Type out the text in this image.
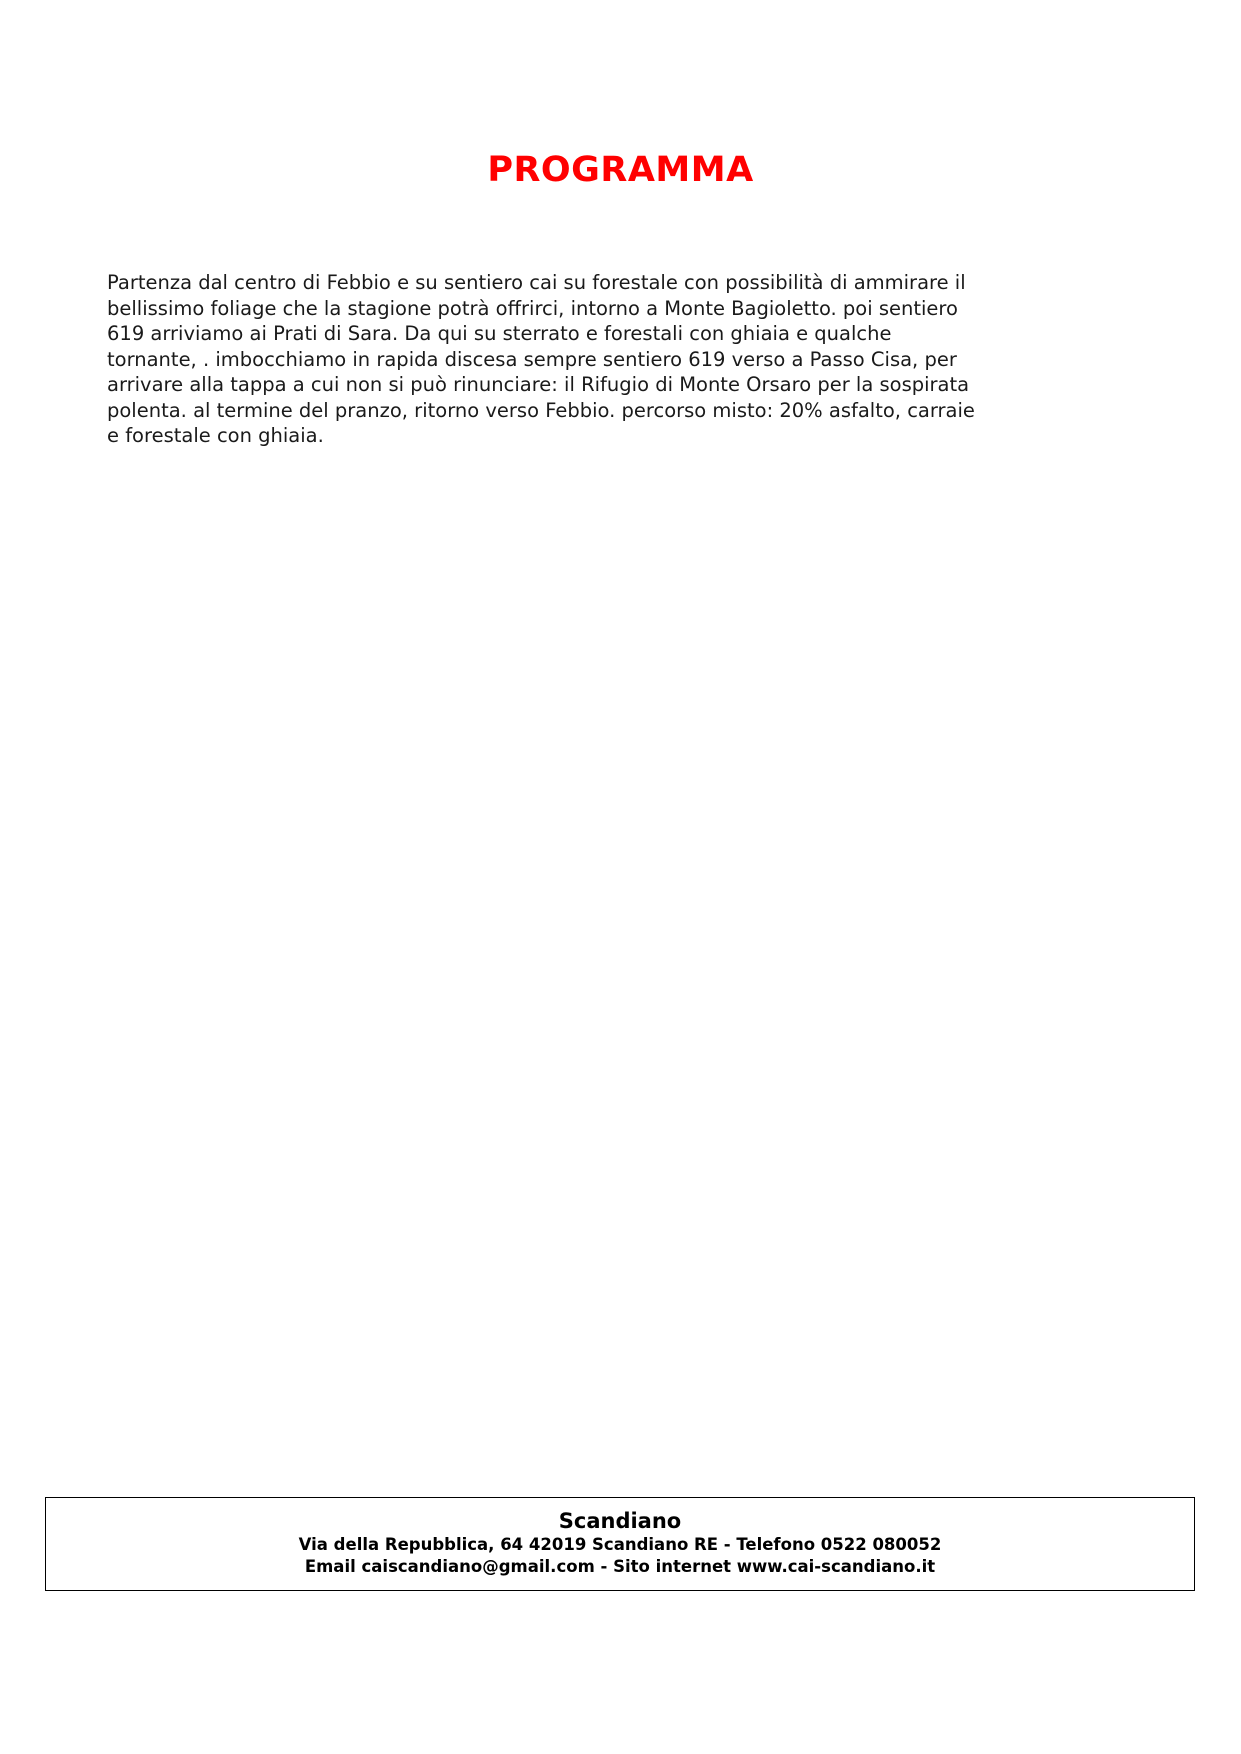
PROGRAMMA
Partenza dal centro di Febbio e su sentiero cai su forestale con possibilità di ammirare il bellissimo foliage che la stagione potrà offrirci, intorno a Monte Bagioletto. poi sentiero 619 arriviamo ai Prati di Sara. Da qui su sterrato e forestali con ghiaia e qualche tornante, . imbocchiamo in rapida discesa sempre sentiero 619 verso a Passo Cisa, per arrivare alla tappa a cui non si può rinunciare: il Rifugio di Monte Orsaro per la sospirata polenta. al termine del pranzo, ritorno verso Febbio. percorso misto: 20% asfalto, carraie e forestale con ghiaia.
Scandiano
Via della Repubblica, 64 42019 Scandiano RE - Telefono 0522 080052
Email caiscandiano@gmail.com - Sito internet www.cai-scandiano.it
